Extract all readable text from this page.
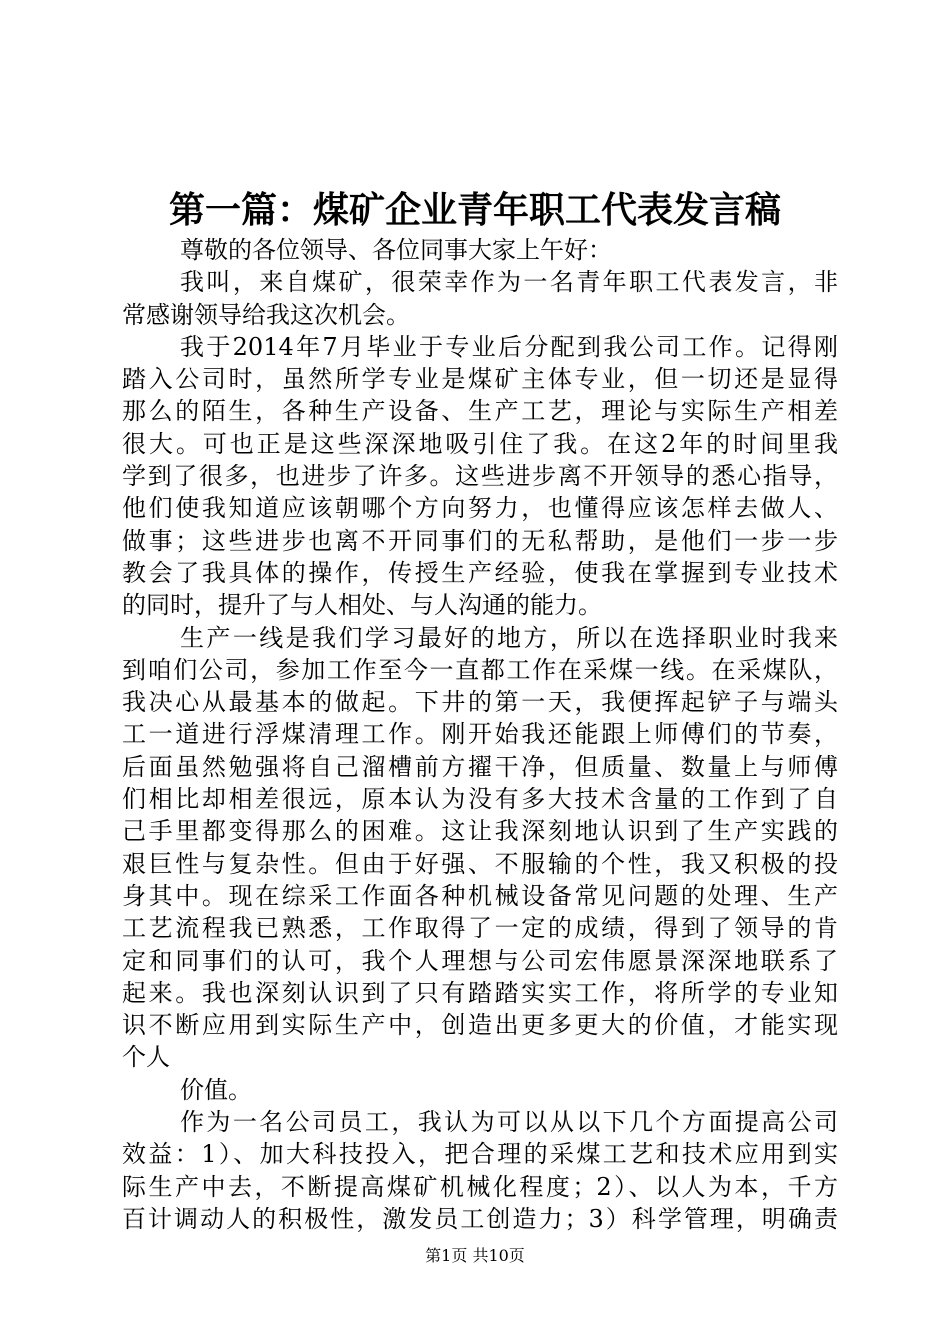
第一篇：煤矿企业青年职工代表发言稿
尊敬的各位领导、各位同事大家上午好：
我叫，来自煤矿，很荣幸作为一名青年职工代表发言，非
常感谢领导给我这次机会。
我于2014年7月毕业于专业后分配到我公司工作。记得刚
踏入公司时，虽然所学专业是煤矿主体专业，但一切还是显得
那么的陌生，各种生产设备、生产工艺，理论与实际生产相差
很大。可也正是这些深深地吸引住了我。在这2年的时间里我
学到了很多，也进步了许多。这些进步离不开领导的悉心指导，
他们使我知道应该朝哪个方向努力，也懂得应该怎样去做人、
做事；这些进步也离不开同事们的无私帮助，是他们一步一步
教会了我具体的操作，传授生产经验，使我在掌握到专业技术
的同时，提升了与人相处、与人沟通的能力。
生产一线是我们学习最好的地方，所以在选择职业时我来
到咱们公司，参加工作至今一直都工作在采煤一线。在采煤队，
我决心从最基本的做起。下井的第一天，我便挥起铲子与端头
工一道进行浮煤清理工作。刚开始我还能跟上师傅们的节奏，
后面虽然勉强将自己溜槽前方擢干净，但质量、数量上与师傅
们相比却相差很远，原本认为没有多大技术含量的工作到了自
己手里都变得那么的困难。这让我深刻地认识到了生产实践的
艰巨性与复杂性。但由于好强、不服输的个性，我又积极的投
身其中。现在综采工作面各种机械设备常见问题的处理、生产
工艺流程我已熟悉，工作取得了一定的成绩，得到了领导的肯
定和同事们的认可，我个人理想与公司宏伟愿景深深地联系了
起来。我也深刻认识到了只有踏踏实实工作，将所学的专业知
识不断应用到实际生产中，创造出更多更大的价值，才能实现
个人
价值。
作为一名公司员工，我认为可以从以下几个方面提高公司
效益：1）、加大科技投入，把合理的采煤工艺和技术应用到实
际生产中去，不断提高煤矿机械化程度；2）、以人为本，千方
百计调动人的积极性，激发员工创造力；3）科学管理，明确责
第1页 共10页
